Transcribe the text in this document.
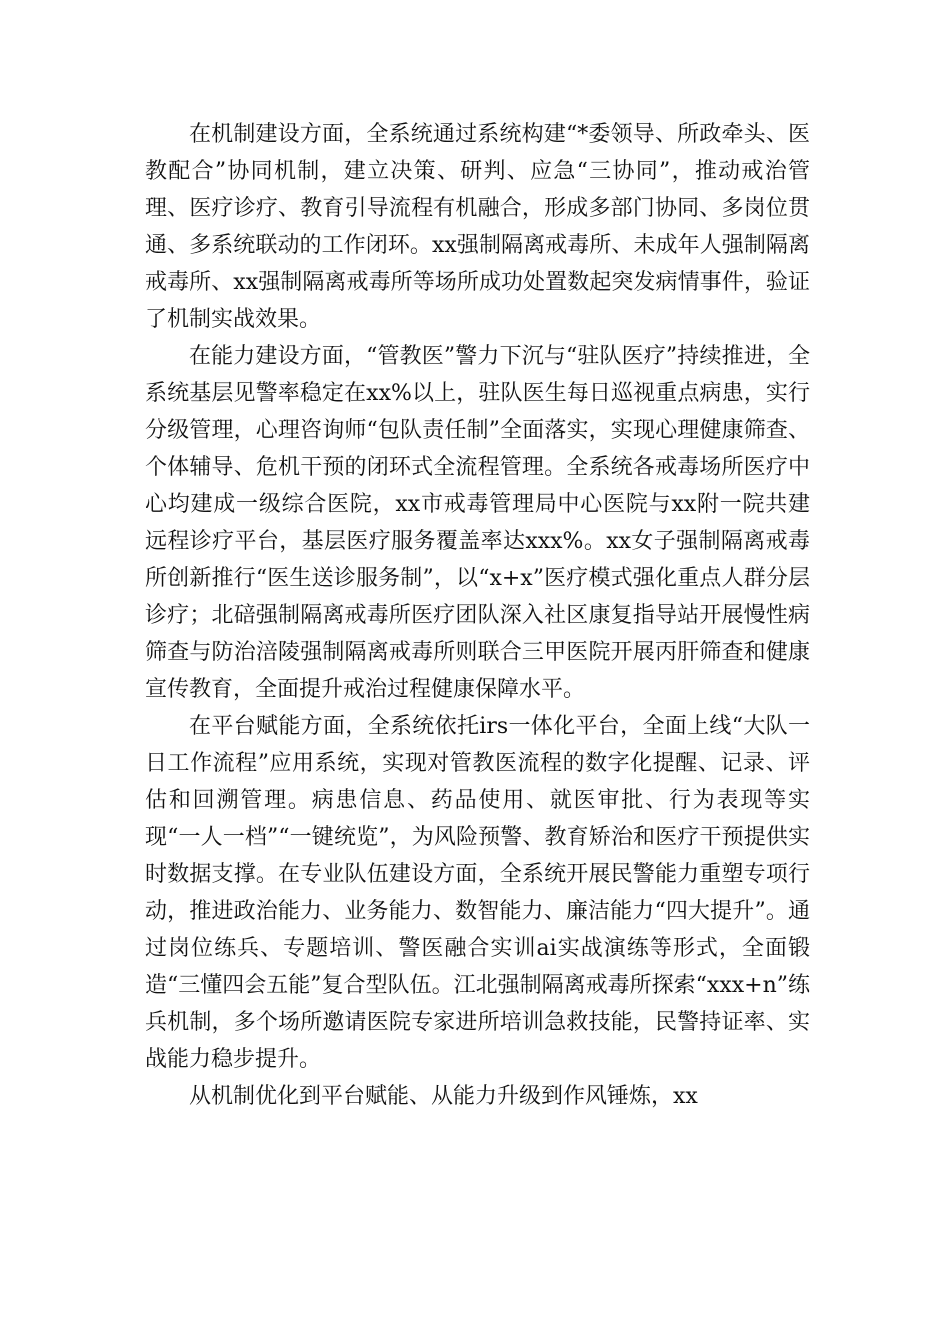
在机制建设方面，全系统通过系统构建“*委领导、所政牵头、医教配合”协同机制，建立决策、研判、应急“三协同”，推动戒治管理、医疗诊疗、教育引导流程有机融合，形成多部门协同、多岗位贯通、多系统联动的工作闭环。xx强制隔离戒毒所、未成年人强制隔离戒毒所、xx强制隔离戒毒所等场所成功处置数起突发病情事件，验证了机制实战效果。

在能力建设方面，“管教医”警力下沉与“驻队医疗”持续推进，全系统基层见警率稳定在xx%以上，驻队医生每日巡视重点病患，实行分级管理，心理咨询师“包队责任制”全面落实，实现心理健康筛查、个体辅导、危机干预的闭环式全流程管理。全系统各戒毒场所医疗中心均建成一级综合医院，xx市戒毒管理局中心医院与xx附一院共建远程诊疗平台，基层医疗服务覆盖率达xxx%。xx女子强制隔离戒毒所创新推行“医生送诊服务制”，以“x+x”医疗模式强化重点人群分层诊疗；北碚强制隔离戒毒所医疗团队深入社区康复指导站开展慢性病筛查与防治涪陵强制隔离戒毒所则联合三甲医院开展丙肝筛查和健康宣传教育，全面提升戒治过程健康保障水平。

在平台赋能方面，全系统依托irs一体化平台，全面上线“大队一日工作流程”应用系统，实现对管教医流程的数字化提醒、记录、评估和回溯管理。病患信息、药品使用、就医审批、行为表现等实现“一人一档”“一键统览”，为风险预警、教育矫治和医疗干预提供实时数据支撑。在专业队伍建设方面，全系统开展民警能力重塑专项行动，推进政治能力、业务能力、数智能力、廉洁能力“四大提升”。通过岗位练兵、专题培训、警医融合实训ai实战演练等形式，全面锻造“三懂四会五能”复合型队伍。江北强制隔离戒毒所探索“xxx+n”练兵机制，多个场所邀请医院专家进所培训急救技能，民警持证率、实战能力稳步提升。

从机制优化到平台赋能、从能力升级到作风锤炼，xx
